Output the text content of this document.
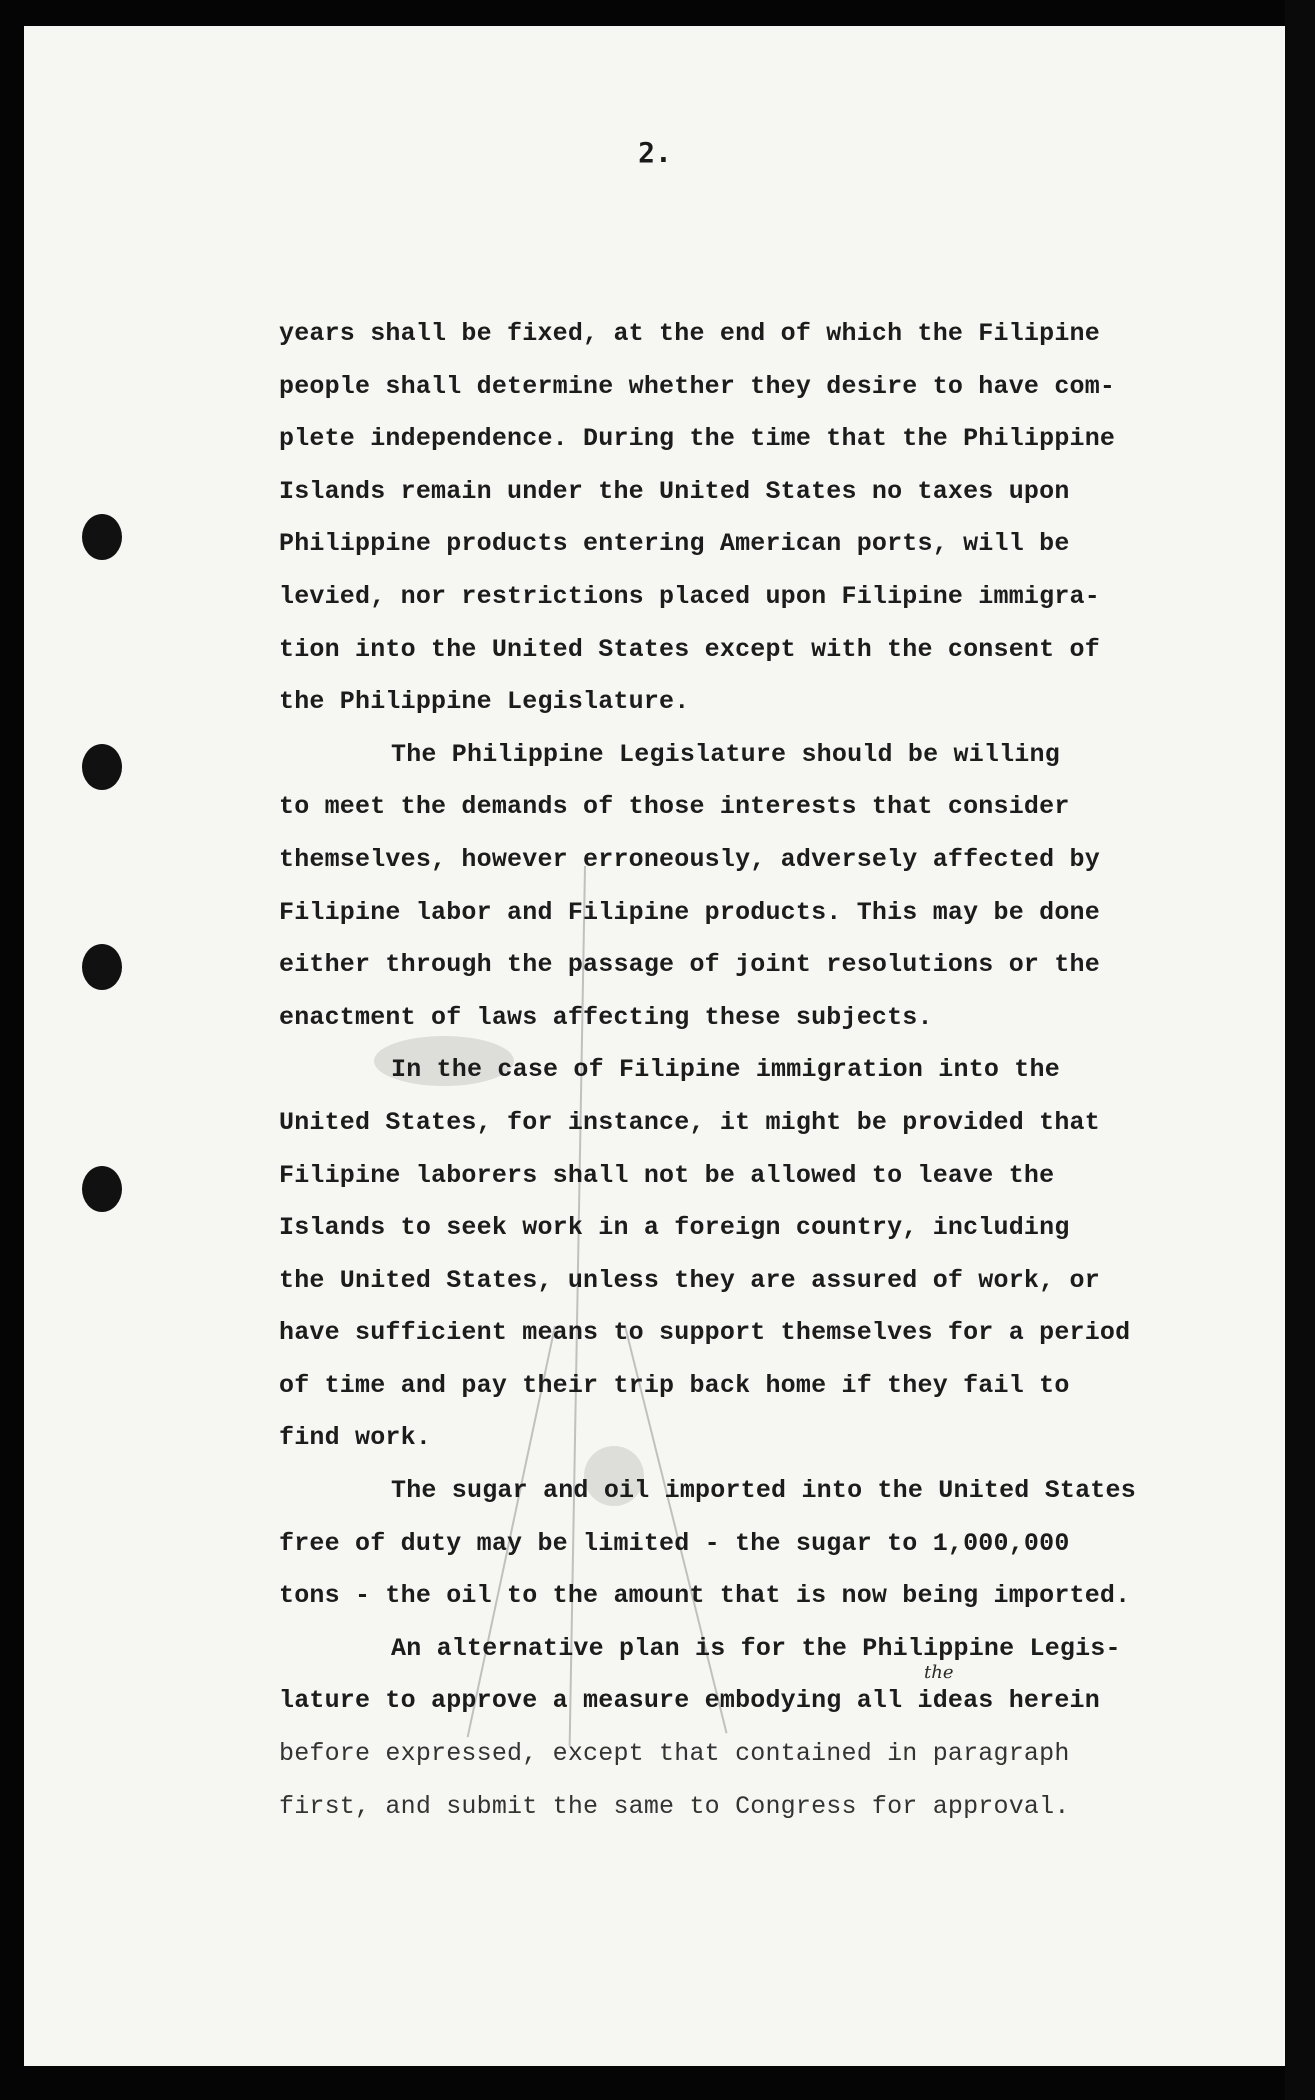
2.
years shall be fixed, at the end of which the Filipine
people shall determine whether they desire to have com-
plete independence. During the time that the Philippine
Islands remain under the United States no taxes upon
Philippine products entering American ports, will be
levied, nor restrictions placed upon Filipine immigra-
tion into the United States except with the consent of
the Philippine Legislature.
The Philippine Legislature should be willing
to meet the demands of those interests that consider
themselves, however erroneously, adversely affected by
Filipine labor and Filipine products. This may be done
either through the passage of joint resolutions or the
enactment of laws affecting these subjects.
In the case of Filipine immigration into the
United States, for instance, it might be provided that
Filipine laborers shall not be allowed to leave the
Islands to seek work in a foreign country, including
the United States, unless they are assured of work, or
have sufficient means to support themselves for a period
of time and pay their trip back home if they fail to
find work.
The sugar and oil imported into the United States
free of duty may be limited - the sugar to 1,000,000
tons - the oil to the amount that is now being imported.
An alternative plan is for the Philippine Legis-
lature to approve a measure embodying all ideas herein
before expressed, except that contained in paragraph
first, and submit the same to Congress for approval.
the
